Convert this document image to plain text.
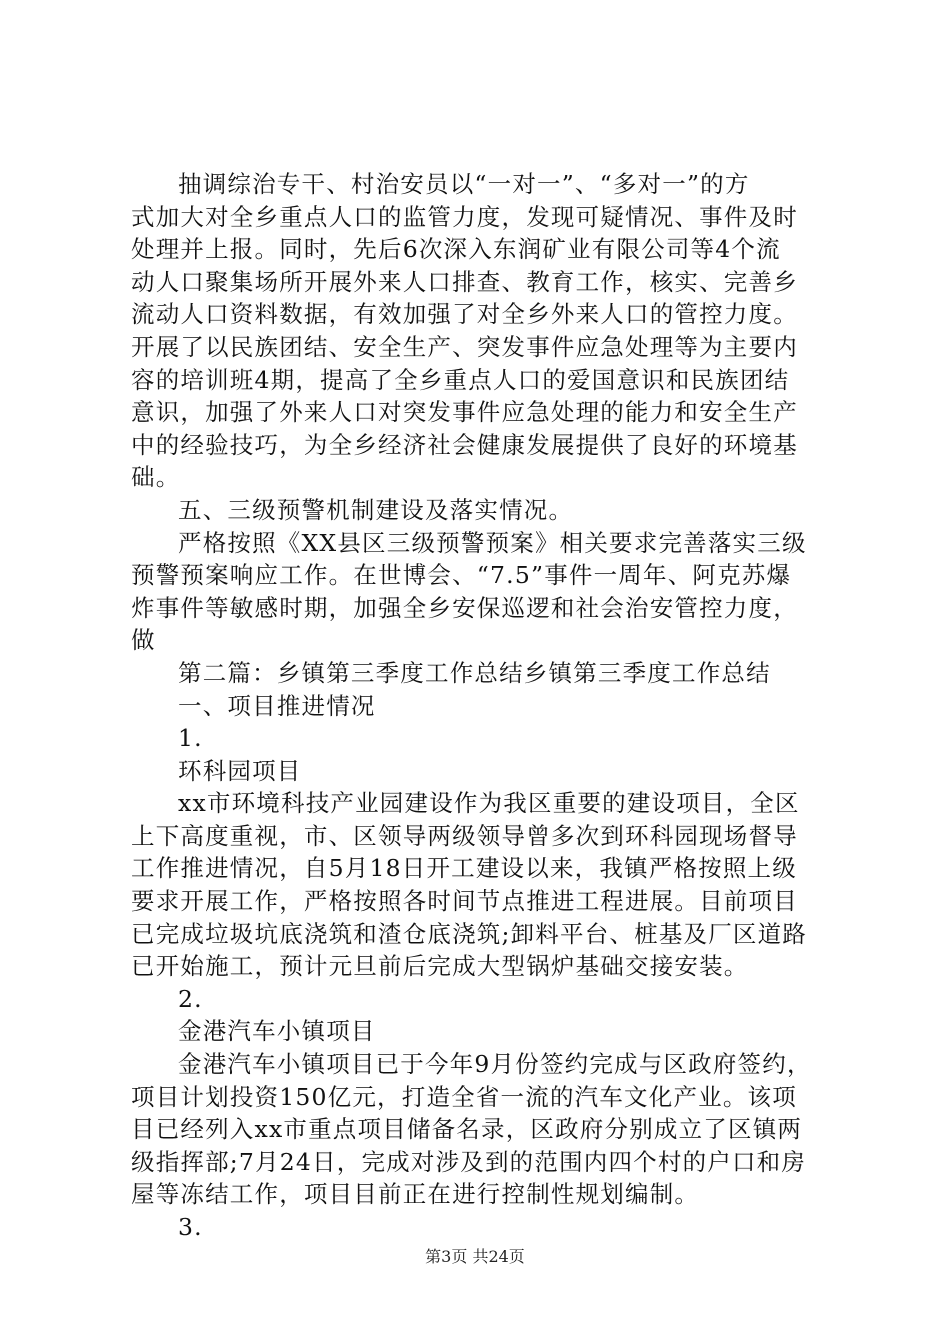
抽调综治专干、村治安员以“一对一”、“多对一”的方

式加大对全乡重点人口的监管力度，发现可疑情况、事件及时

处理并上报。同时，先后6次深入东润矿业有限公司等4个流

动人口聚集场所开展外来人口排查、教育工作，核实、完善乡

流动人口资料数据，有效加强了对全乡外来人口的管控力度。

开展了以民族团结、安全生产、突发事件应急处理等为主要内

容的培训班4期，提高了全乡重点人口的爱国意识和民族团结

意识，加强了外来人口对突发事件应急处理的能力和安全生产

中的经验技巧，为全乡经济社会健康发展提供了良好的环境基

础。

五、三级预警机制建设及落实情况。

严格按照《XX县区三级预警预案》相关要求完善落实三级

预警预案响应工作。在世博会、“7.5”事件一周年、阿克苏爆

炸事件等敏感时期，加强全乡安保巡逻和社会治安管控力度，

做

第二篇：乡镇第三季度工作总结乡镇第三季度工作总结

一、项目推进情况

1.

环科园项目

xx市环境科技产业园建设作为我区重要的建设项目，全区

上下高度重视，市、区领导两级领导曾多次到环科园现场督导

工作推进情况，自5月18日开工建设以来，我镇严格按照上级

要求开展工作，严格按照各时间节点推进工程进展。目前项目

已完成垃圾坑底浇筑和渣仓底浇筑;卸料平台、桩基及厂区道路

已开始施工，预计元旦前后完成大型锅炉基础交接安装。

2.

金港汽车小镇项目

金港汽车小镇项目已于今年9月份签约完成与区政府签约，

项目计划投资150亿元，打造全省一流的汽车文化产业。该项

目已经列入xx市重点项目储备名录，区政府分别成立了区镇两

级指挥部;7月24日，完成对涉及到的范围内四个村的户口和房

屋等冻结工作，项目目前正在进行控制性规划编制。

3.

第3页 共24页
